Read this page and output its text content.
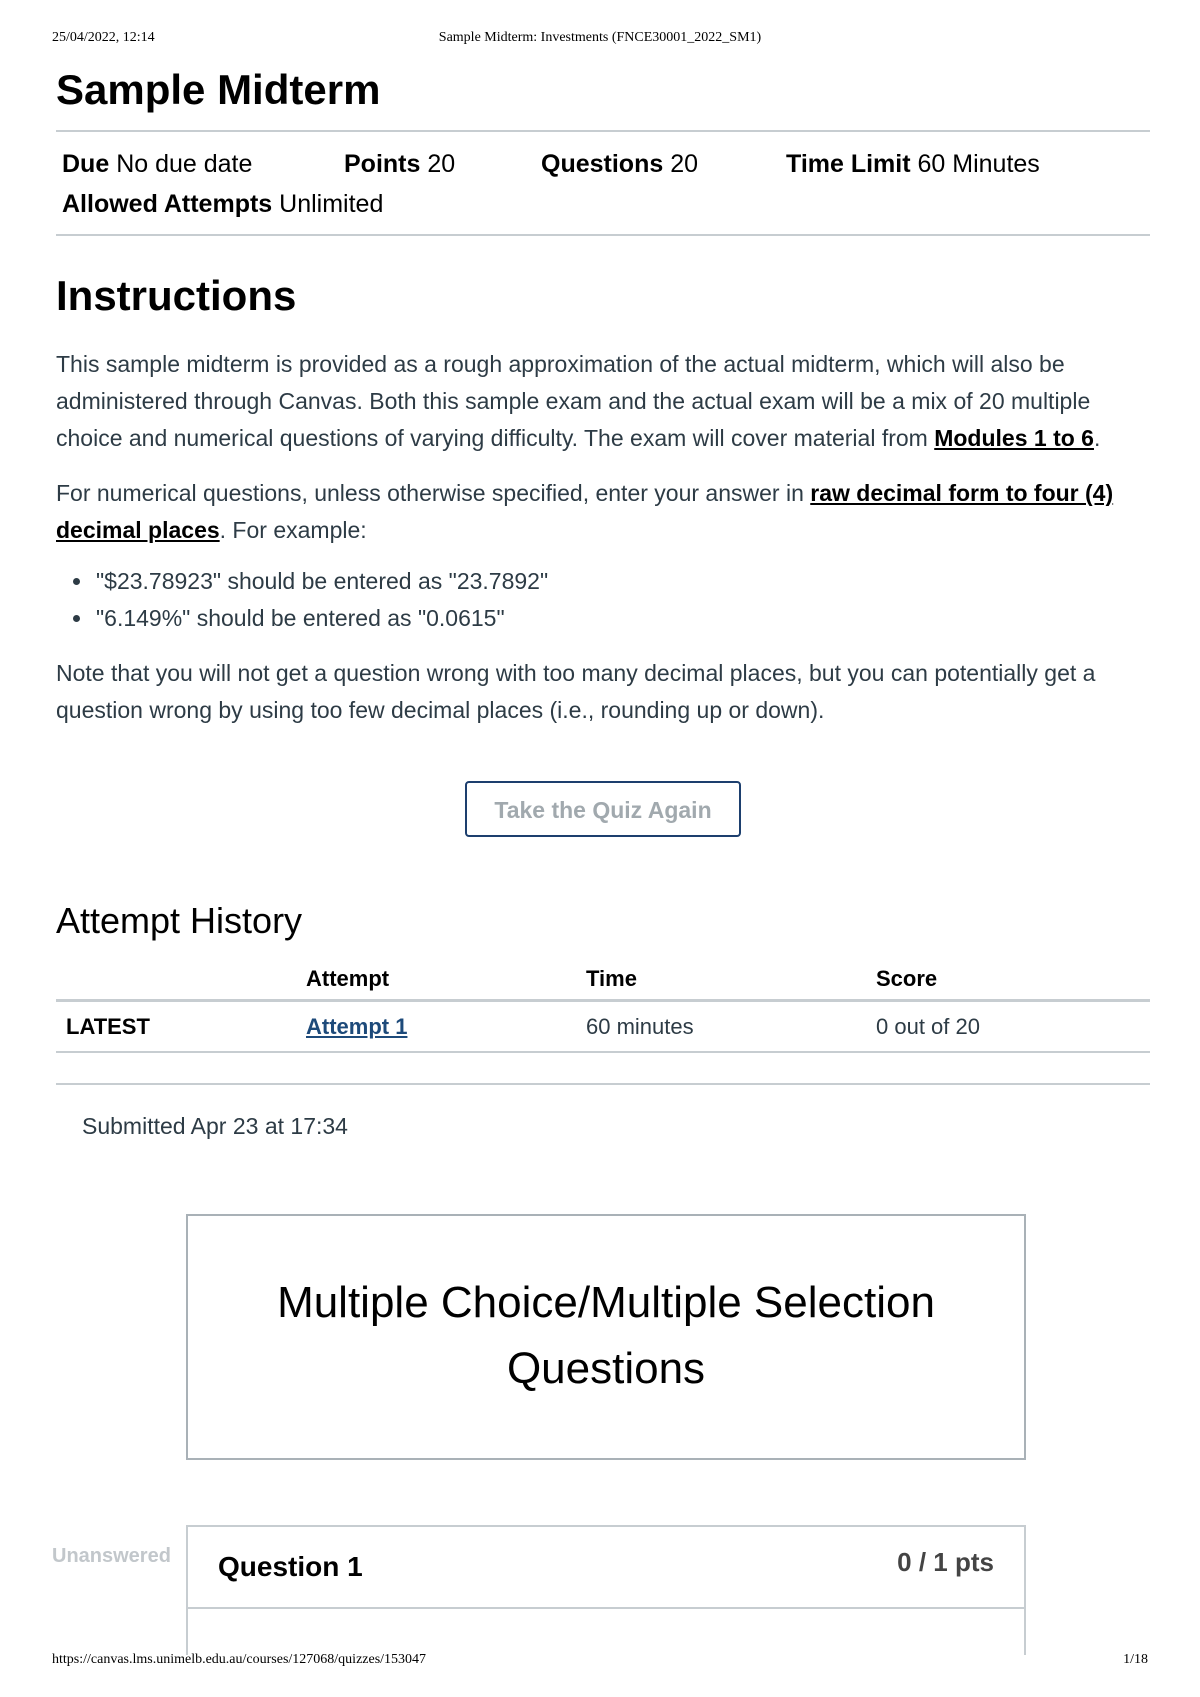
25/04/2022, 12:14	Sample Midterm: Investments (FNCE30001_2022_SM1)
Sample Midterm
Due No due date	Points 20	Questions 20	Time Limit 60 Minutes
Allowed Attempts Unlimited
Instructions

This sample midterm is provided as a rough approximation of the actual midterm, which will also be administered through Canvas. Both this sample exam and the actual exam will be a mix of 20 multiple choice and numerical questions of varying difficulty. The exam will cover material from Modules 1 to 6.

For numerical questions, unless otherwise specified, enter your answer in raw decimal form to four (4) decimal places. For example:

• "$23.78923" should be entered as "23.7892"
• "6.149%" should be entered as "0.0615"

Note that you will not get a question wrong with too many decimal places, but you can potentially get a question wrong by using too few decimal places (i.e., rounding up or down).

Take the Quiz Again
Attempt History
	Attempt	Time	Score
LATEST	Attempt 1	60 minutes	0 out of 20
Submitted Apr 23 at 17:34
Multiple Choice/Multiple Selection Questions
Unanswered Question 1	0 / 1 pts
https://canvas.lms.unimelb.edu.au/courses/127068/quizzes/153047	1/18
